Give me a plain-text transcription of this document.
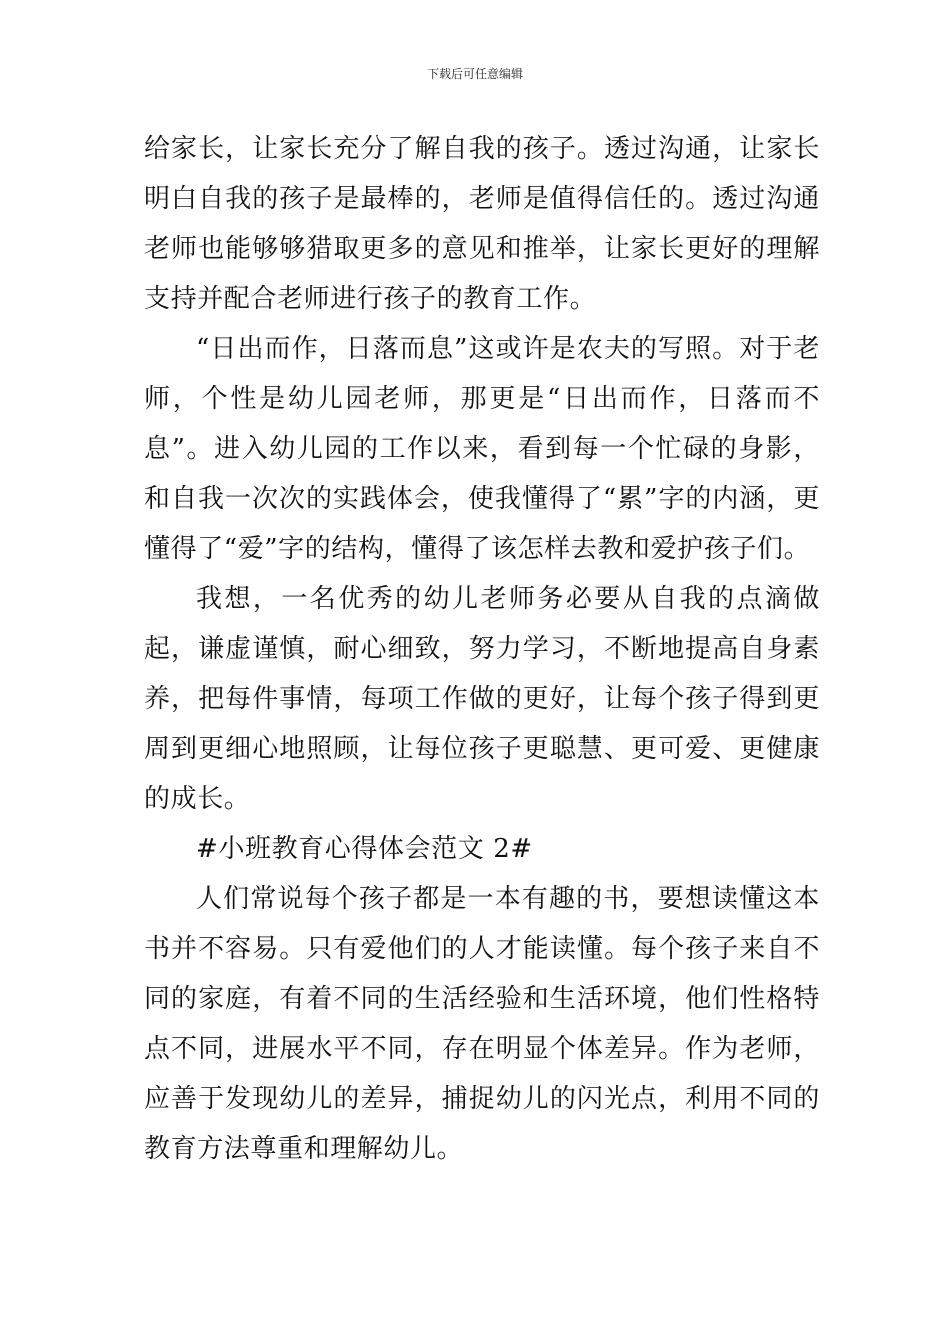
下载后可任意编辑

给家长，让家长充分了解自我的孩子。透过沟通，让家长明白自我的孩子是最棒的，老师是值得信任的。透过沟通老师也能够够猎取更多的意见和推举，让家长更好的理解支持并配合老师进行孩子的教育工作。

“日出而作，日落而息”这或许是农夫的写照。对于老师，个性是幼儿园老师，那更是“日出而作，日落而不息”。进入幼儿园的工作以来，看到每一个忙碌的身影，和自我一次次的实践体会，使我懂得了“累”字的内涵，更懂得了“爱”字的结构，懂得了该怎样去教和爱护孩子们。

我想，一名优秀的幼儿老师务必要从自我的点滴做起，谦虚谨慎，耐心细致，努力学习，不断地提高自身素养，把每件事情，每项工作做的更好，让每个孩子得到更周到更细心地照顾，让每位孩子更聪慧、更可爱、更健康的成长。

#小班教育心得体会范文 2#

人们常说每个孩子都是一本有趣的书，要想读懂这本书并不容易。只有爱他们的人才能读懂。每个孩子来自不同的家庭，有着不同的生活经验和生活环境，他们性格特点不同，进展水平不同，存在明显个体差异。作为老师，应善于发现幼儿的差异，捕捉幼儿的闪光点，利用不同的教育方法尊重和理解幼儿。
